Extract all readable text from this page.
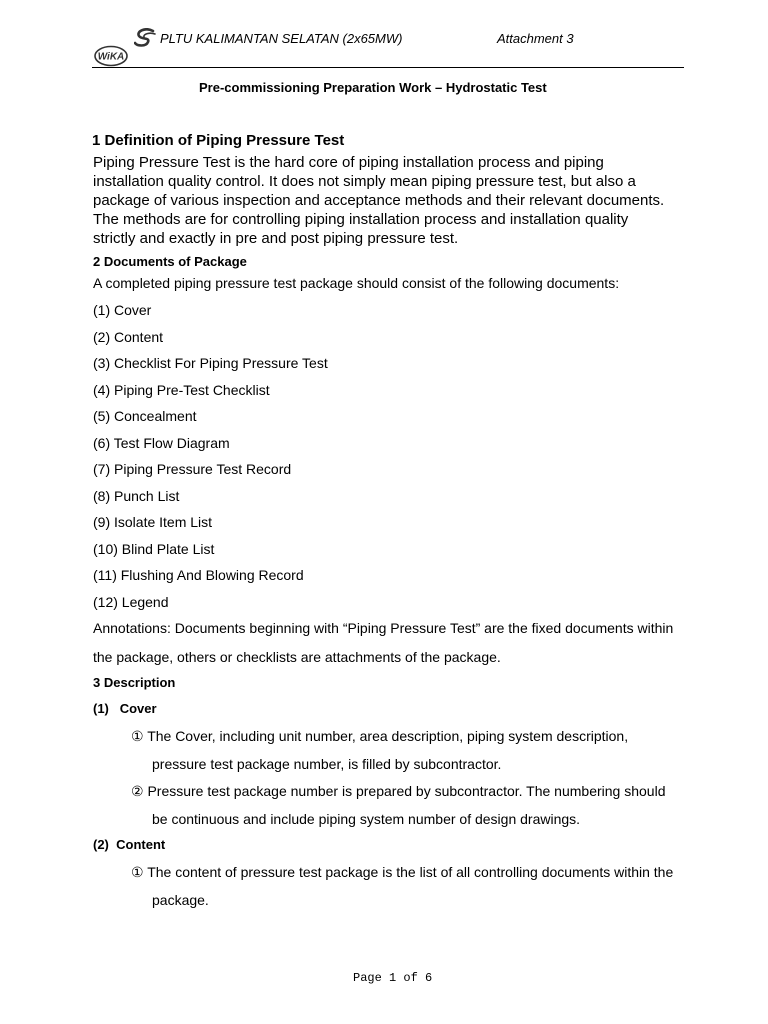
WiKA
PLTU KALIMANTAN SELATAN (2x65MW)	Attachment 3
Pre-commissioning Preparation Work – Hydrostatic Test
1 Definition of Piping Pressure Test
Piping Pressure Test is the hard core of piping installation process and piping
installation quality control. It does not simply mean piping pressure test, but also a
package of various inspection and acceptance methods and their relevant documents.
The methods are for controlling piping installation process and installation quality
strictly and exactly in pre and post piping pressure test.
2 Documents of Package
A completed piping pressure test package should consist of the following documents:
(1) Cover
(2) Content
(3) Checklist For Piping Pressure Test
(4) Piping Pre-Test Checklist
(5) Concealment
(6) Test Flow Diagram
(7) Piping Pressure Test Record
(8) Punch List
(9) Isolate Item List
(10) Blind Plate List
(11) Flushing And Blowing Record
(12) Legend
Annotations: Documents beginning with “Piping Pressure Test” are the fixed documents within
the package, others or checklists are attachments of the package.
3 Description
(1)   Cover
① The Cover, including unit number, area description, piping system description,
pressure test package number, is filled by subcontractor.
② Pressure test package number is prepared by subcontractor. The numbering should
be continuous and include piping system number of design drawings.
(2)  Content
① The content of pressure test package is the list of all controlling documents within the
package.
Page 1 of 6
